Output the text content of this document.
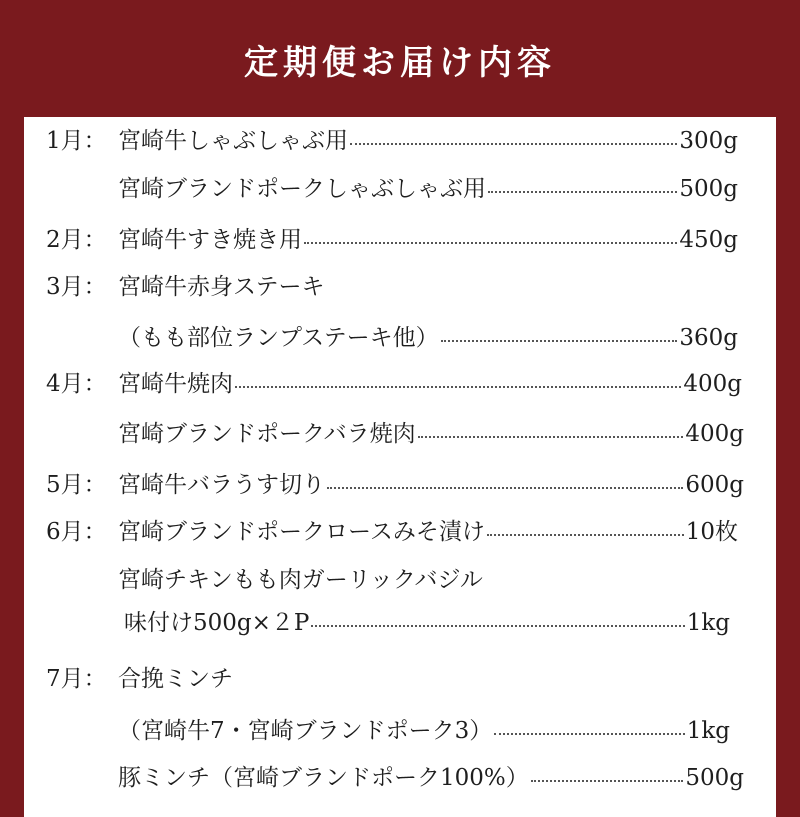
定期便お届け内容
1月： 宮崎牛しゃぶしゃぶ用	300g
宮崎ブランドポークしゃぶしゃぶ用	500g
2月： 宮崎牛すき焼き用	450g
3月： 宮崎牛赤身ステーキ
（もも部位ランプステーキ他）	360g
4月： 宮崎牛焼肉	400g
宮崎ブランドポークバラ焼肉	400g
5月： 宮崎牛バラうす切り	600g
6月： 宮崎ブランドポークロースみそ漬け	10枚
宮崎チキンもも肉ガーリックバジル
味付け500g×２P	1kg
7月： 合挽ミンチ
（宮崎牛7・宮崎ブランドポーク3）	1kg
豚ミンチ（宮崎ブランドポーク100%）	500g
